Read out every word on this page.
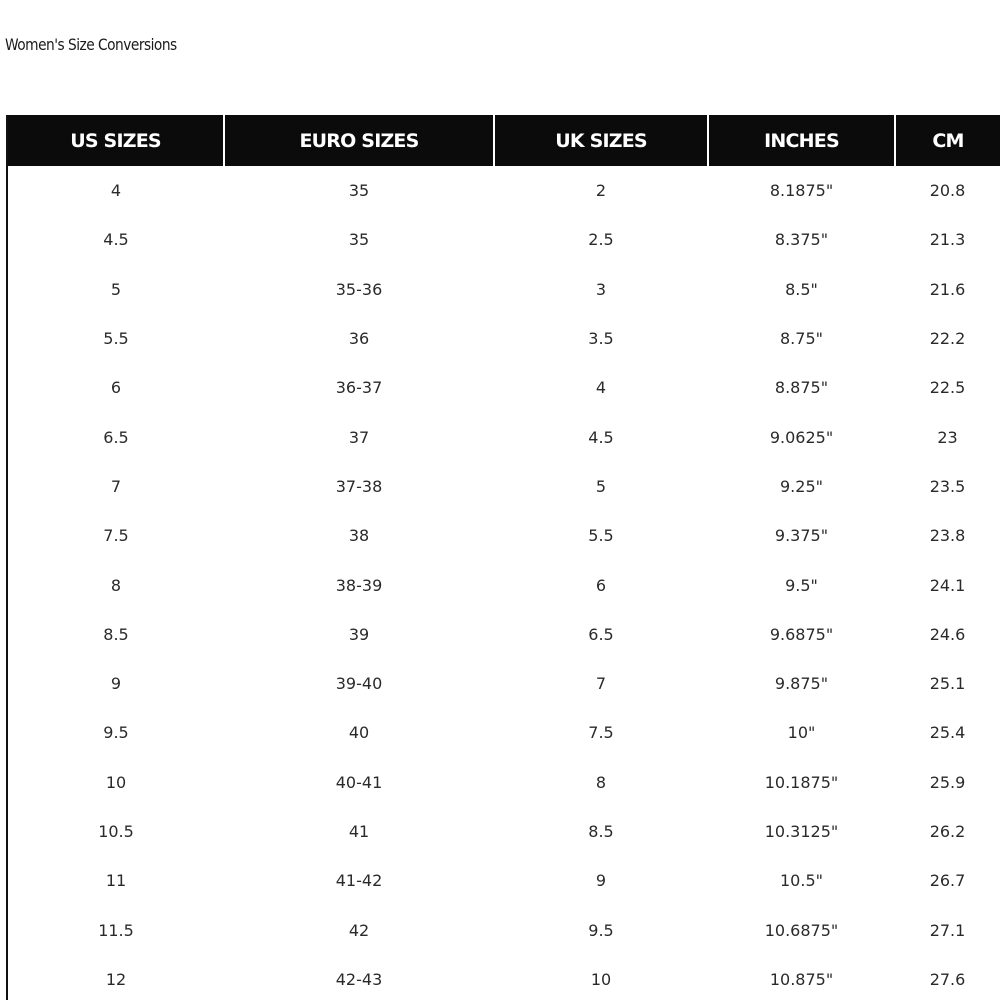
Women's Size Conversions
US SIZES	EURO SIZES	UK SIZES	INCHES	CM
4	35	2	8.1875"	20.8
4.5	35	2.5	8.375"	21.3
5	35-36	3	8.5"	21.6
5.5	36	3.5	8.75"	22.2
6	36-37	4	8.875"	22.5
6.5	37	4.5	9.0625"	23
7	37-38	5	9.25"	23.5
7.5	38	5.5	9.375"	23.8
8	38-39	6	9.5"	24.1
8.5	39	6.5	9.6875"	24.6
9	39-40	7	9.875"	25.1
9.5	40	7.5	10"	25.4
10	40-41	8	10.1875"	25.9
10.5	41	8.5	10.3125"	26.2
11	41-42	9	10.5"	26.7
11.5	42	9.5	10.6875"	27.1
12	42-43	10	10.875"	27.6
